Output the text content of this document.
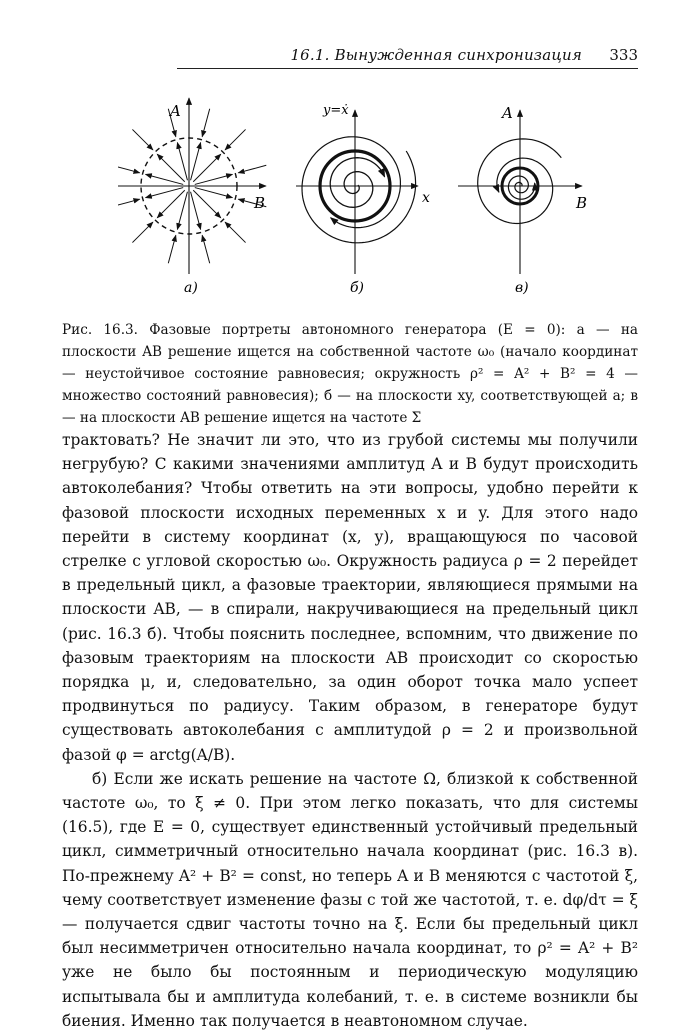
16.1. Вынужденная синхронизация 333
A
B
а)
y=ẋ
x
б)
A
B
в)
Рис. 16.3. Фазовые портреты автономного генератора (E = 0): а — на плоскости AB решение ищется на собственной частоте ω₀ (начало координат — неустойчивое состояние равновесия; окружность ρ² = A² + B² = 4 — множество состояний равновесия); б — на плоскости xy, соответствующей а; в — на плоскости AB решение ищется на частоте Σ

трактовать? Не значит ли это, что из грубой системы мы получили негрубую? С какими значениями амплитуд A и B будут происходить автоколебания? Чтобы ответить на эти вопросы, удобно перейти к фазовой плоскости исходных переменных x и y. Для этого надо перейти в систему координат (x, y), вращающуюся по часовой стрелке с угловой скоростью ω₀. Окружность радиуса ρ = 2 перейдет в предельный цикл, а фазовые траектории, являющиеся прямыми на плоскости AB, — в спирали, накручивающиеся на предельный цикл (рис. 16.3 б). Чтобы пояснить последнее, вспомним, что движение по фазовым траекториям на плоскости AB происходит со скоростью порядка μ, и, следовательно, за один оборот точка мало успеет продвинуться по радиусу. Таким образом, в генераторе будут существовать автоколебания с амплитудой ρ = 2 и произвольной фазой φ = arctg(A/B).

б) Если же искать решение на частоте Ω, близкой к собственной частоте ω₀, то ξ ≠ 0. При этом легко показать, что для системы (16.5), где E = 0, существует единственный устойчивый предельный цикл, симметричный относительно начала координат (рис. 16.3 в). По-прежнему A² + B² = const, но теперь A и B меняются с частотой ξ, чему соответствует изменение фазы с той же частотой, т. е. dφ/dτ = ξ — получается сдвиг частоты точно на ξ. Если бы предельный цикл был несимметричен относительно начала координат, то ρ² = A² + B² уже не было бы постоянным и периодическую модуляцию испытывала бы и амплитуда колебаний, т. е. в системе возникли бы биения. Именно так получается в неавтономном случае.
